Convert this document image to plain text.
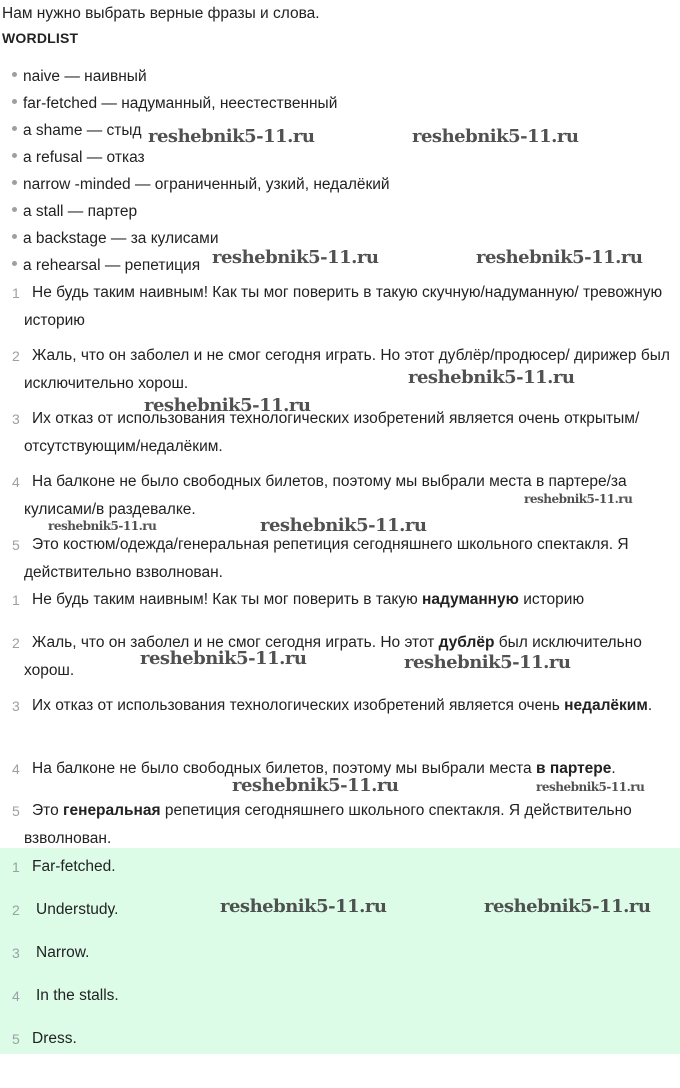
Нам нужно выбрать верные фразы и слова.
WORDLIST
naive — наивный
far-fetched — надуманный, неестественный
a shame — стыд
a refusal — отказ
narrow -minded — ограниченный, узкий, недалёкий
a stall — партер
a backstage — за кулисами
a rehearsal — репетиция
1 Не будь таким наивным! Как ты мог поверить в такую скучную/надуманную/ тревожную историю
2 Жаль, что он заболел и не смог сегодня играть. Но этот дублёр/продюсер/ дирижер был исключительно хорош.
3 Их отказ от использования технологических изобретений является очень открытым/отсутствующим/недалёким.
4 На балконе не было свободных билетов, поэтому мы выбрали места в партере/за кулисами/в раздевалке.
5 Это костюм/одежда/генеральная репетиция сегодняшнего школьного спектакля. Я действительно взволнован.
1 Не будь таким наивным! Как ты мог поверить в такую надуманную историю
2 Жаль, что он заболел и не смог сегодня играть. Но этот дублёр был исключительно хорош.
3 Их отказ от использования технологических изобретений является очень недалёким.
4 На балконе не было свободных билетов, поэтому мы выбрали места в партере.
5 Это генеральная репетиция сегодняшнего школьного спектакля. Я действительно взволнован.
1 Far-fetched.
2 Understudy.
3 Narrow.
4 In the stalls.
5 Dress.
reshebnik5-11.ru	reshebnik5-11.ru
reshebnik5-11.ru	reshebnik5-11.ru
reshebnik5-11.ru
reshebnik5-11.ru
reshebnik5-11.ru
reshebnik5-11.ru	reshebnik5-11.ru
reshebnik5-11.ru	reshebnik5-11.ru
reshebnik5-11.ru	reshebnik5-11.ru
reshebnik5-11.ru	reshebnik5-11.ru
